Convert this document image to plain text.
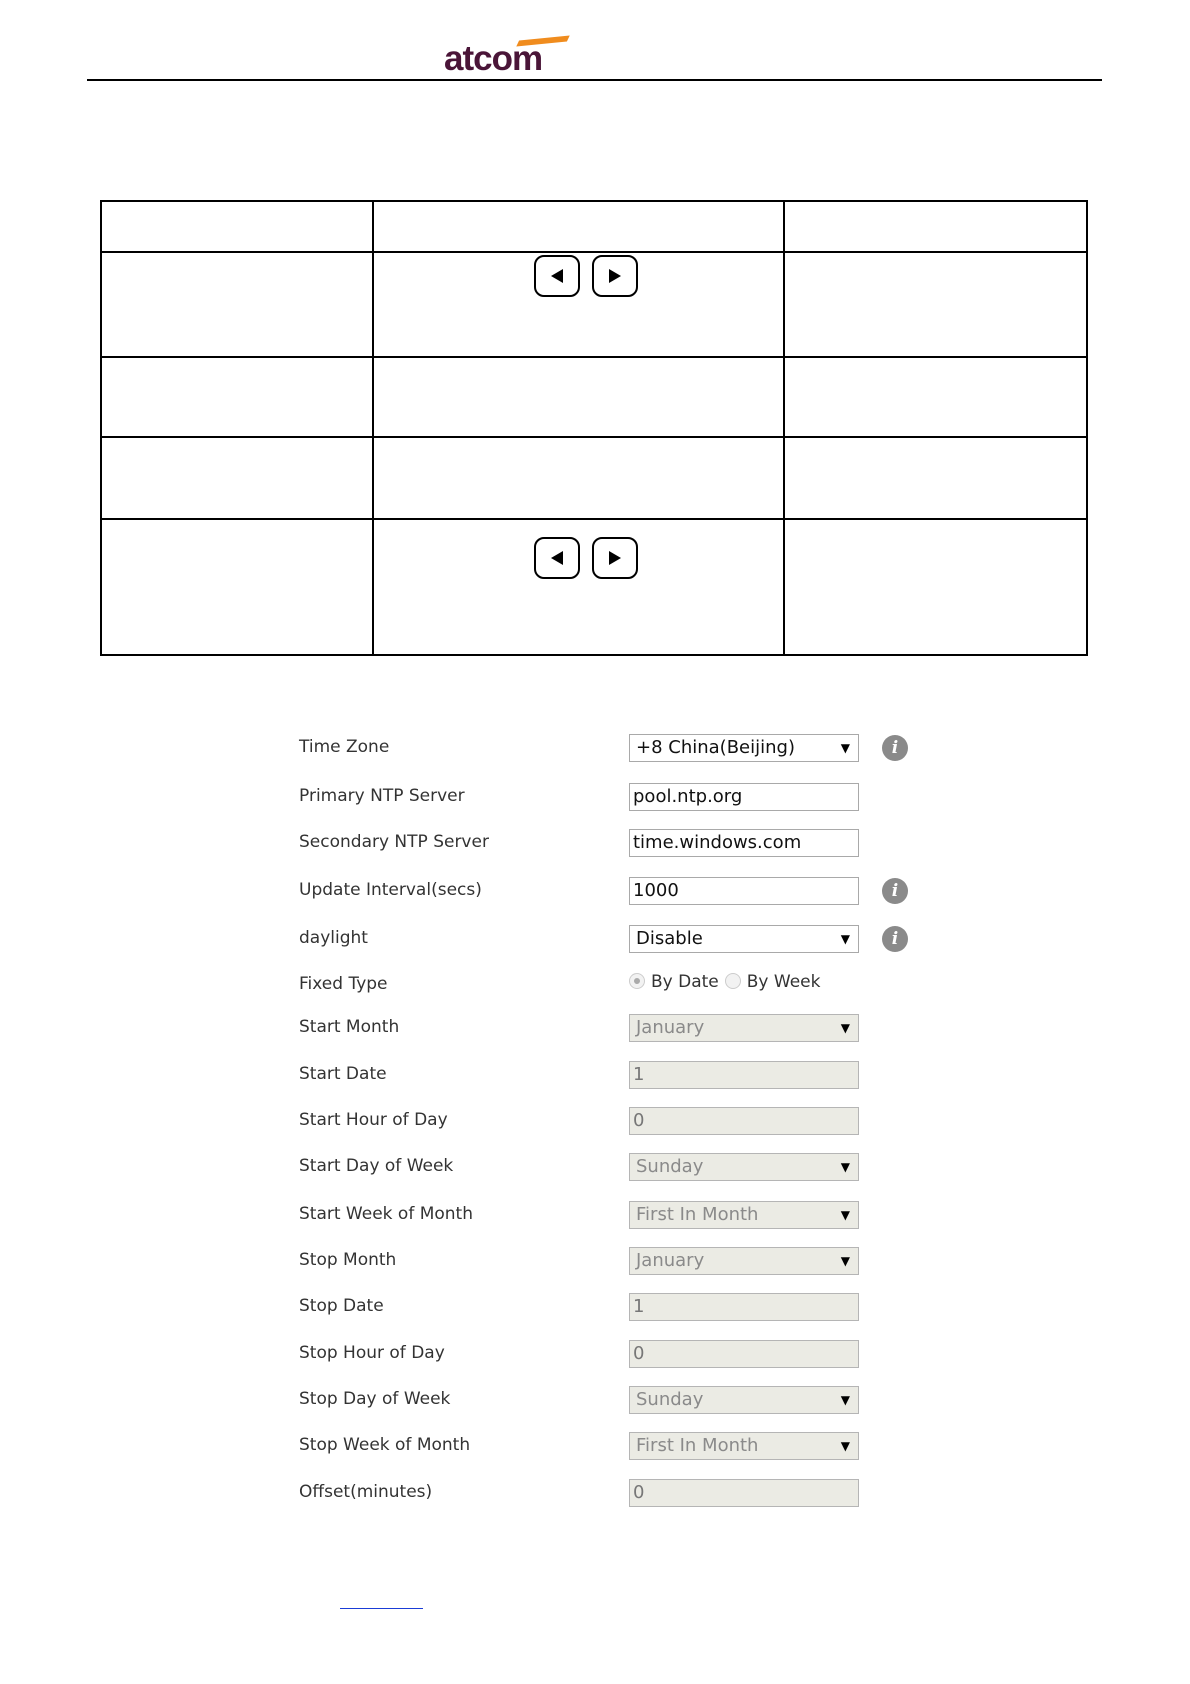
atcom
Time Zone	+8 China(Beijing)	▼	i
Primary NTP Server	pool.ntp.org
Secondary NTP Server	time.windows.com
Update Interval(secs)	1000	i
daylight	Disable	▼	i
Fixed Type	By Date By Week
Start Month	January	▼
Start Date	1
Start Hour of Day	0
Start Day of Week	Sunday	▼
Start Week of Month	First In Month	▼
Stop Month	January	▼
Stop Date	1
Stop Hour of Day	0
Stop Day of Week	Sunday	▼
Stop Week of Month	First In Month	▼
Offset(minutes)	0
